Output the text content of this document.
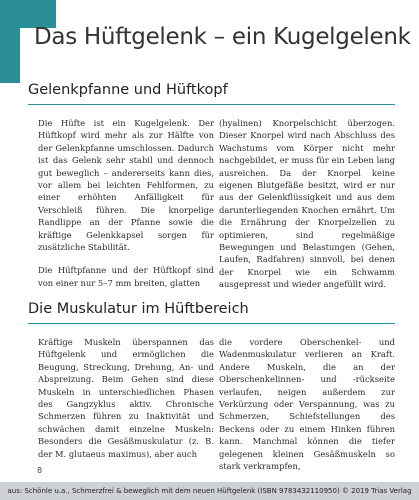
Das Hüftgelenk – ein Kugelgelenk
Gelenkpfanne und Hüftkopf

Die Hüfte ist ein Kugelgelenk. Der Hüftkopf wird mehr als zur Hälfte von der Gelenkpfanne umschlossen. Dadurch ist das Gelenk sehr stabil und dennoch gut beweglich – andererseits kann dies, vor allem bei leichten Fehlformen, zu einer erhöhten Anfälligkeit für Verschleiß führen. Die knorpelige Randlippe an der Pfanne sowie die kräftige Gelenkkapsel sorgen für zusätzliche Stabilität.

Die Hüftpfanne und der Hüftkopf sind von einer nur 5–7 mm breiten, glatten

(hyalinen) Knorpelschicht überzogen. Dieser Knorpel wird nach Abschluss des Wachstums vom Körper nicht mehr nachgebildet, er muss für ein Leben lang ausreichen. Da der Knorpel keine eigenen Blutgefäße besitzt, wird er nur aus der Gelenkflüssigkeit und aus dem darunterliegenden Knochen ernährt. Um die Ernährung der Knorpelzellen zu optimieren, sind regelmäßige Bewegungen und Belastungen (Gehen, Laufen, Radfahren) sinnvoll, bei denen der Knorpel wie ein Schwamm ausgepresst und wieder angefüllt wird.

Die Muskulatur im Hüftbereich

Kräftige Muskeln überspannen das Hüftgelenk und ermöglichen die Beugung, Streckung, Drehung, An- und Abspreizung. Beim Gehen sind diese Muskeln in unterschiedlichen Phasen des Gangzyklus aktiv. Chronische Schmerzen führen zu Inaktivität und schwächen damit einzelne Muskeln: Besonders die Gesäßmuskulatur (z. B. der M. glutaeus maximus), aber auch

die vordere Oberschenkel- und Wadenmuskulatur verlieren an Kraft. Andere Muskeln, die an der Oberschenkelinnen- und -rückseite verlaufen, neigen außerdem zur Verkürzung oder Verspannung, was zu Schmerzen, Schiefstellungen des Beckens oder zu einem Hinken führen kann. Manchmal können die tiefer gelegenen kleinen Gesäßmuskeln so stark verkrampfen,

8
aus: Schönle u.a., Schmerzfrei & beweglich mit dem neuen Hüftgelenk (ISBN 9783432110950) © 2019 Trias Verlag
